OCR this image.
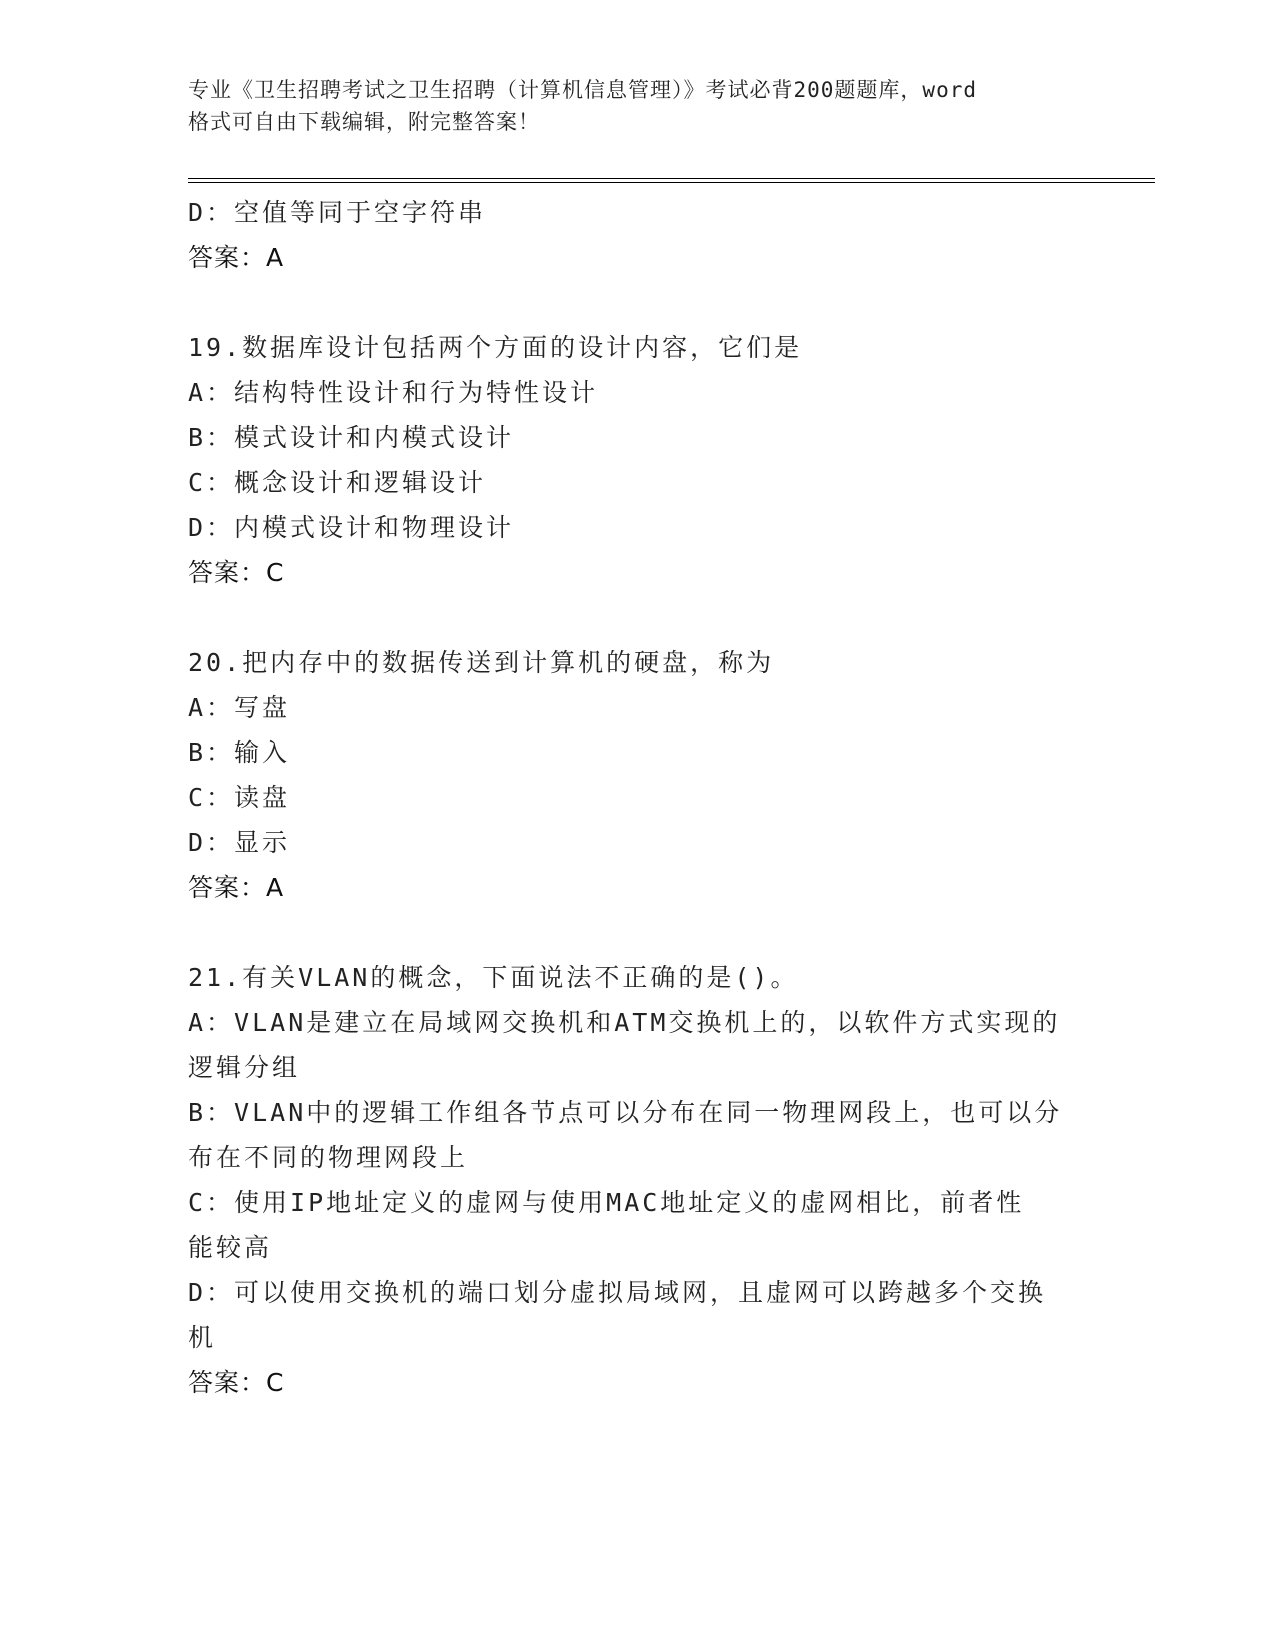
专业《卫生招聘考试之卫生招聘（计算机信息管理）》考试必背200题题库，word
格式可自由下载编辑，附完整答案！
D：空值等同于空字符串
答案：A
19.数据库设计包括两个方面的设计内容，它们是
A：结构特性设计和行为特性设计
B：模式设计和内模式设计
C：概念设计和逻辑设计
D：内模式设计和物理设计
答案：C
20.把内存中的数据传送到计算机的硬盘，称为
A：写盘
B：输入
C：读盘
D：显示
答案：A
21.有关VLAN的概念，下面说法不正确的是()。
A：VLAN是建立在局域网交换机和ATM交换机上的，以软件方式实现的
逻辑分组
B：VLAN中的逻辑工作组各节点可以分布在同一物理网段上，也可以分
布在不同的物理网段上
C：使用IP地址定义的虚网与使用MAC地址定义的虚网相比，前者性
能较高
D：可以使用交换机的端口划分虚拟局域网，且虚网可以跨越多个交换
机
答案：C
